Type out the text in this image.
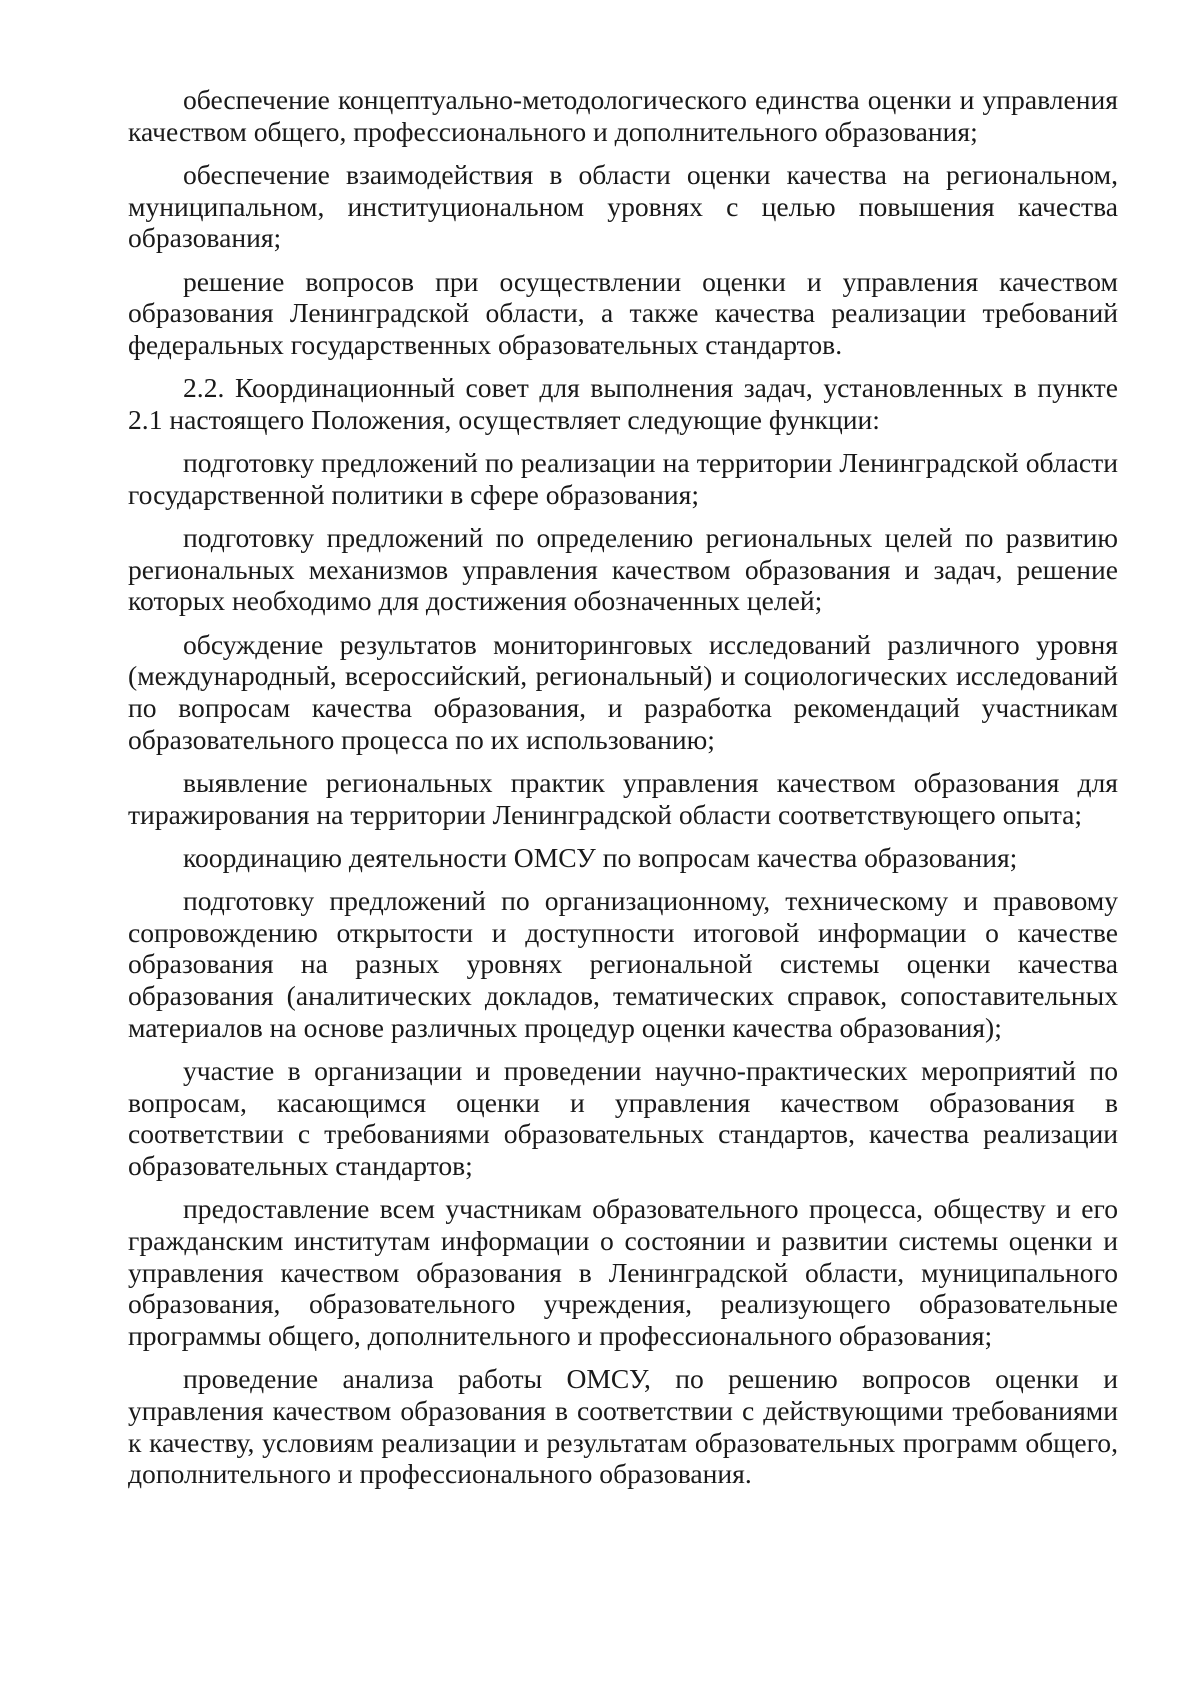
обеспечение концептуально-методологического единства оценки и управления качеством общего, профессионального и дополнительного образования;

обеспечение взаимодействия в области оценки качества на региональном, муниципальном, институциональном уровнях с целью повышения качества образования;

решение вопросов при осуществлении оценки и управления качеством образования Ленинградской области, а также качества реализации требований федеральных государственных образовательных стандартов.

2.2. Координационный совет для выполнения задач, установленных в пункте 2.1 настоящего Положения, осуществляет следующие функции:

подготовку предложений по реализации на территории Ленинградской области государственной политики в сфере образования;

подготовку предложений по определению региональных целей по развитию региональных механизмов управления качеством образования и задач, решение которых необходимо для достижения обозначенных целей;

обсуждение результатов мониторинговых исследований различного уровня (международный, всероссийский, региональный) и социологических исследований по вопросам качества образования, и разработка рекомендаций участникам образовательного процесса по их использованию;

выявление региональных практик управления качеством образования для тиражирования на территории Ленинградской области соответствующего опыта;

координацию деятельности ОМСУ по вопросам качества образования;

подготовку предложений по организационному, техническому и правовому сопровождению открытости и доступности итоговой информации о качестве образования на разных уровнях региональной системы оценки качества образования (аналитических докладов, тематических справок, сопоставительных материалов на основе различных процедур оценки качества образования);

участие в организации и проведении научно-практических мероприятий по вопросам, касающимся оценки и управления качеством образования в соответствии с требованиями образовательных стандартов, качества реализации образовательных стандартов;

предоставление всем участникам образовательного процесса, обществу и его гражданским институтам информации о состоянии и развитии системы оценки и управления качеством образования в Ленинградской области, муниципального образования, образовательного учреждения, реализующего образовательные программы общего, дополнительного и профессионального образования;

проведение анализа работы ОМСУ, по решению вопросов оценки и управления качеством образования в соответствии с действующими требованиями к качеству, условиям реализации и результатам образовательных программ общего, дополнительного и профессионального образования.
